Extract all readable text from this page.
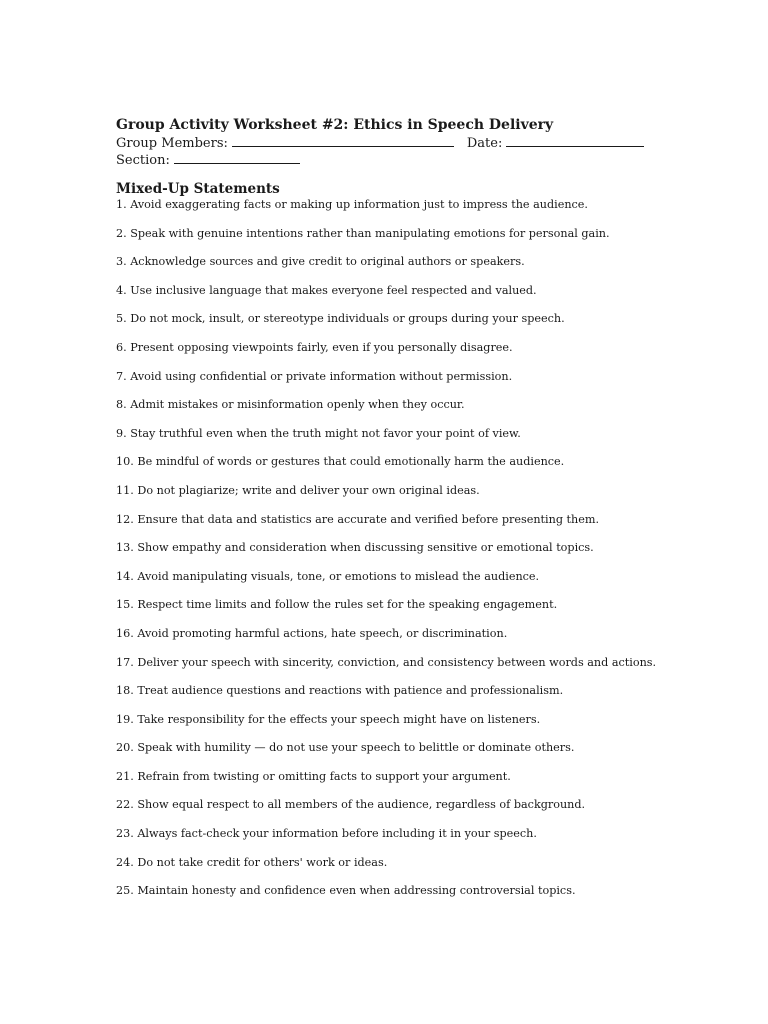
Group Activity Worksheet #2: Ethics in Speech Delivery
Group Members:	Date:
Section:
Mixed-Up Statements
1. Avoid exaggerating facts or making up information just to impress the audience.
2. Speak with genuine intentions rather than manipulating emotions for personal gain.
3. Acknowledge sources and give credit to original authors or speakers.
4. Use inclusive language that makes everyone feel respected and valued.
5. Do not mock, insult, or stereotype individuals or groups during your speech.
6. Present opposing viewpoints fairly, even if you personally disagree.
7. Avoid using confidential or private information without permission.
8. Admit mistakes or misinformation openly when they occur.
9. Stay truthful even when the truth might not favor your point of view.
10. Be mindful of words or gestures that could emotionally harm the audience.
11. Do not plagiarize; write and deliver your own original ideas.
12. Ensure that data and statistics are accurate and verified before presenting them.
13. Show empathy and consideration when discussing sensitive or emotional topics.
14. Avoid manipulating visuals, tone, or emotions to mislead the audience.
15. Respect time limits and follow the rules set for the speaking engagement.
16. Avoid promoting harmful actions, hate speech, or discrimination.
17. Deliver your speech with sincerity, conviction, and consistency between words and actions.
18. Treat audience questions and reactions with patience and professionalism.
19. Take responsibility for the effects your speech might have on listeners.
20. Speak with humility — do not use your speech to belittle or dominate others.
21. Refrain from twisting or omitting facts to support your argument.
22. Show equal respect to all members of the audience, regardless of background.
23. Always fact-check your information before including it in your speech.
24. Do not take credit for others' work or ideas.
25. Maintain honesty and confidence even when addressing controversial topics.
